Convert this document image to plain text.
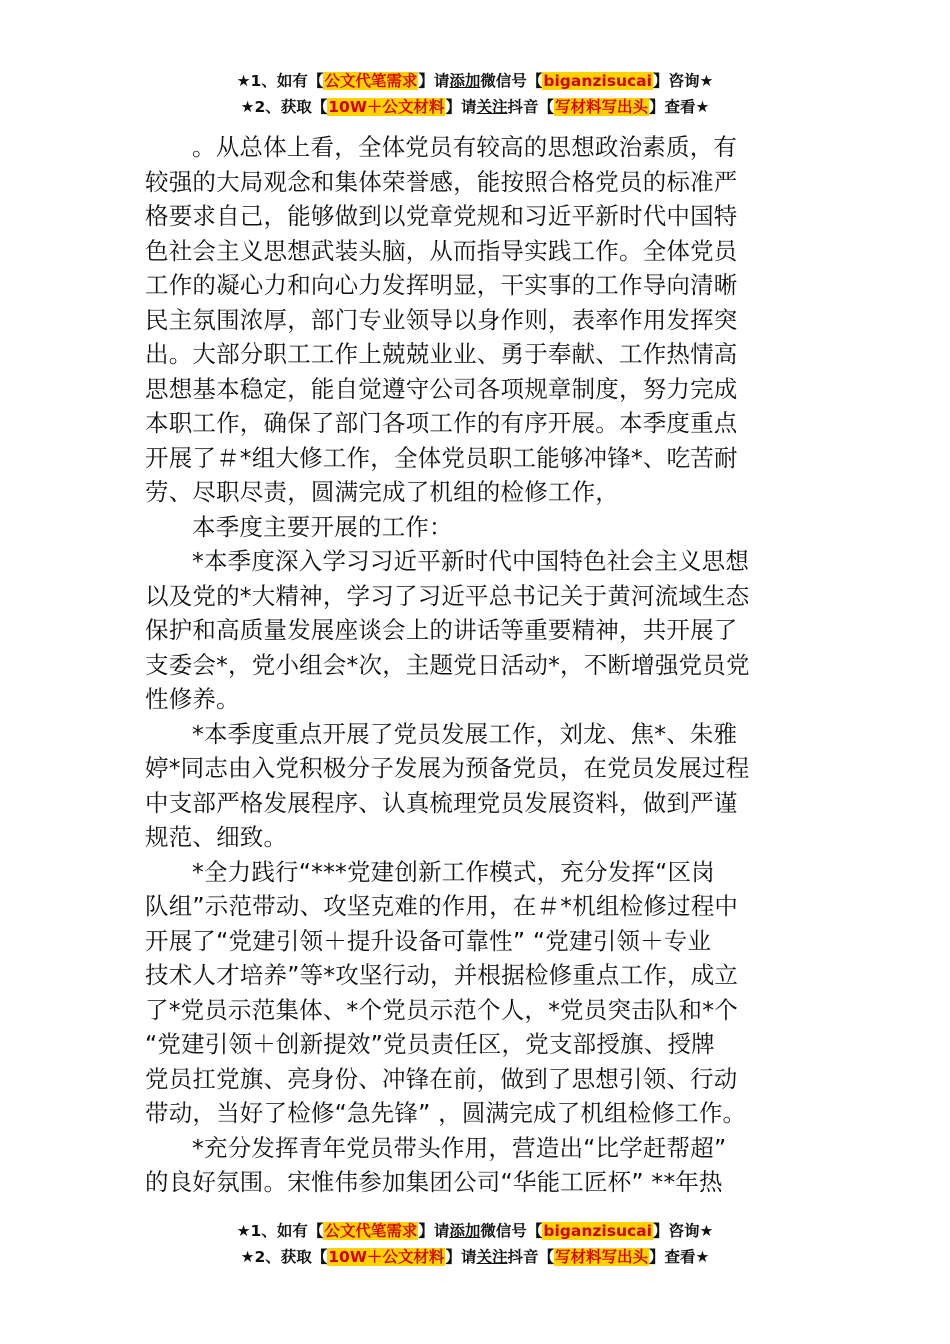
★1、如有【公文代笔需求】请添加微信号【biganzisucai】咨询★
★2、获取【10W＋公文材料】请关注抖音【写材料写出头】查看★
。从总体上看，全体党员有较高的思想政治素质，有
较强的大局观念和集体荣誉感，能按照合格党员的标准严
格要求自己，能够做到以党章党规和习近平新时代中国特
色社会主义思想武装头脑，从而指导实践工作。全体党员
工作的凝心力和向心力发挥明显，干实事的工作导向清晰
民主氛围浓厚，部门专业领导以身作则，表率作用发挥突
出。大部分职工工作上兢兢业业、勇于奉献、工作热情高
思想基本稳定，能自觉遵守公司各项规章制度，努力完成
本职工作，确保了部门各项工作的有序开展。本季度重点
开展了＃*组大修工作，全体党员职工能够冲锋*、吃苦耐
劳、尽职尽责，圆满完成了机组的检修工作，
本季度主要开展的工作：
*本季度深入学习习近平新时代中国特色社会主义思想
以及党的*大精神，学习了习近平总书记关于黄河流域生态
保护和高质量发展座谈会上的讲话等重要精神，共开展了
支委会*，党小组会*次，主题党日活动*，不断增强党员党
性修养。
*本季度重点开展了党员发展工作，刘龙、焦*、朱雅
婷*同志由入党积极分子发展为预备党员，在党员发展过程
中支部严格发展程序、认真梳理党员发展资料，做到严谨
规范、细致。
*全力践行“***党建创新工作模式，充分发挥“区岗
队组”示范带动、攻坚克难的作用，在＃*机组检修过程中
开展了“党建引领＋提升设备可靠性” “党建引领＋专业
技术人才培养”等*攻坚行动，并根据检修重点工作，成立
了*党员示范集体、*个党员示范个人，*党员突击队和*个
“党建引领＋创新提效”党员责任区，党支部授旗、授牌
党员扛党旗、亮身份、冲锋在前，做到了思想引领、行动
带动，当好了检修“急先锋” ，圆满完成了机组检修工作。
*充分发挥青年党员带头作用，营造出“比学赶帮超”
的良好氛围。宋惟伟参加集团公司“华能工匠杯” **年热
★1、如有【公文代笔需求】请添加微信号【biganzisucai】咨询★
★2、获取【10W＋公文材料】请关注抖音【写材料写出头】查看★
